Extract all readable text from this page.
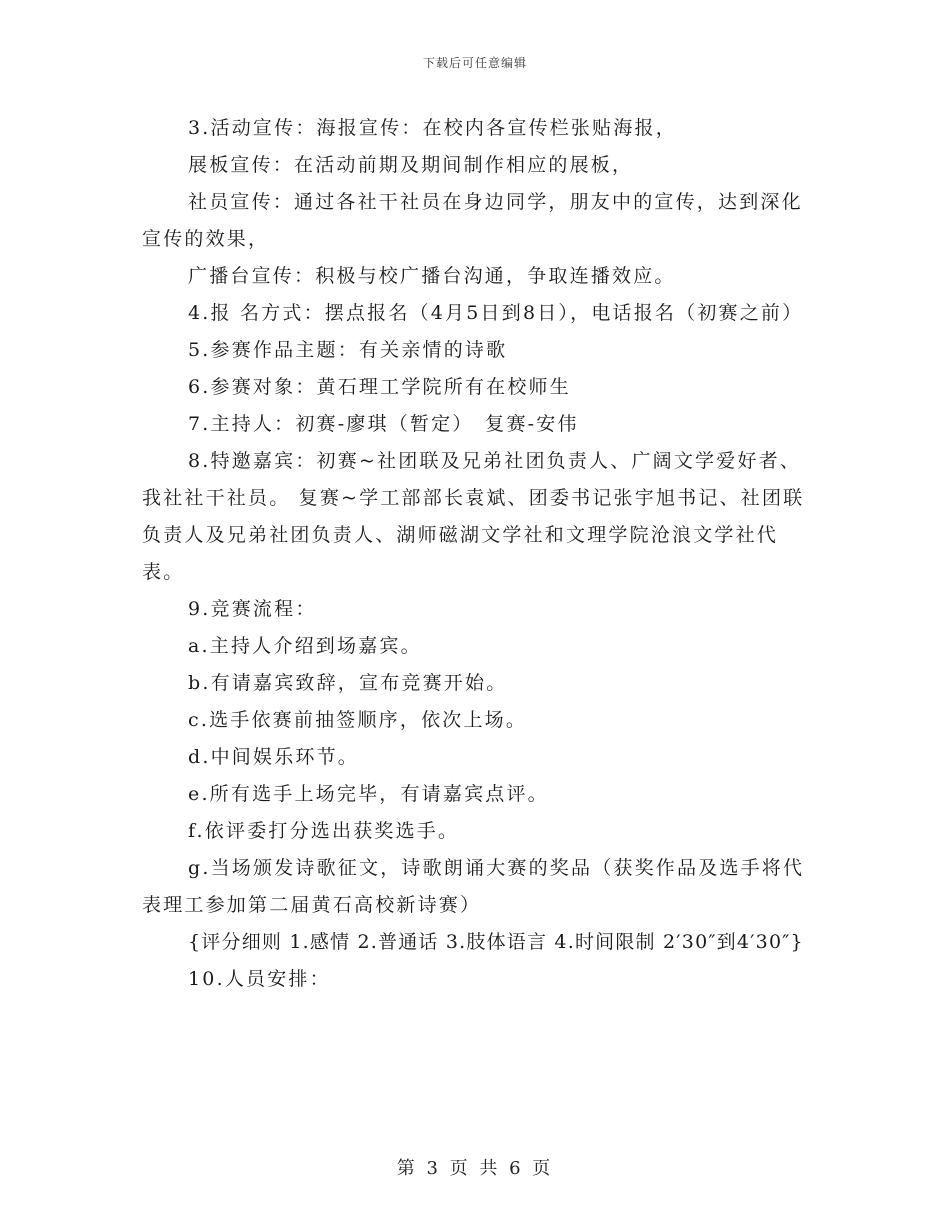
下载后可任意编辑

3.活动宣传：海报宣传：在校内各宣传栏张贴海报，

展板宣传：在活动前期及期间制作相应的展板，

社员宣传：通过各社干社员在身边同学，朋友中的宣传，达到深化宣传的效果，

广播台宣传：积极与校广播台沟通，争取连播效应。

4.报 名方式：摆点报名（4月5日到8日），电话报名（初赛之前）

5.参赛作品主题：有关亲情的诗歌

6.参赛对象：黄石理工学院所有在校师生

7.主持人：初赛-廖琪（暂定）　复赛-安伟

8.特邀嘉宾：初赛~社团联及兄弟社团负责人、广阔文学爱好者、我社社干社员。 复赛~学工部部长袁斌、团委书记张宇旭书记、社团联负责人及兄弟社团负责人、湖师磁湖文学社和文理学院沧浪文学社代表。

9.竞赛流程：

a.主持人介绍到场嘉宾。

b.有请嘉宾致辞，宣布竞赛开始。

c.选手依赛前抽签顺序，依次上场。

d.中间娱乐环节。

e.所有选手上场完毕，有请嘉宾点评。

f.依评委打分选出获奖选手。

g.当场颁发诗歌征文，诗歌朗诵大赛的奖品（获奖作品及选手将代表理工参加第二届黄石高校新诗赛）

{评分细则 1.感情 2.普通话 3.肢体语言 4.时间限制 2′30″到4′30″}

10.人员安排：

第 3 页 共 6 页
